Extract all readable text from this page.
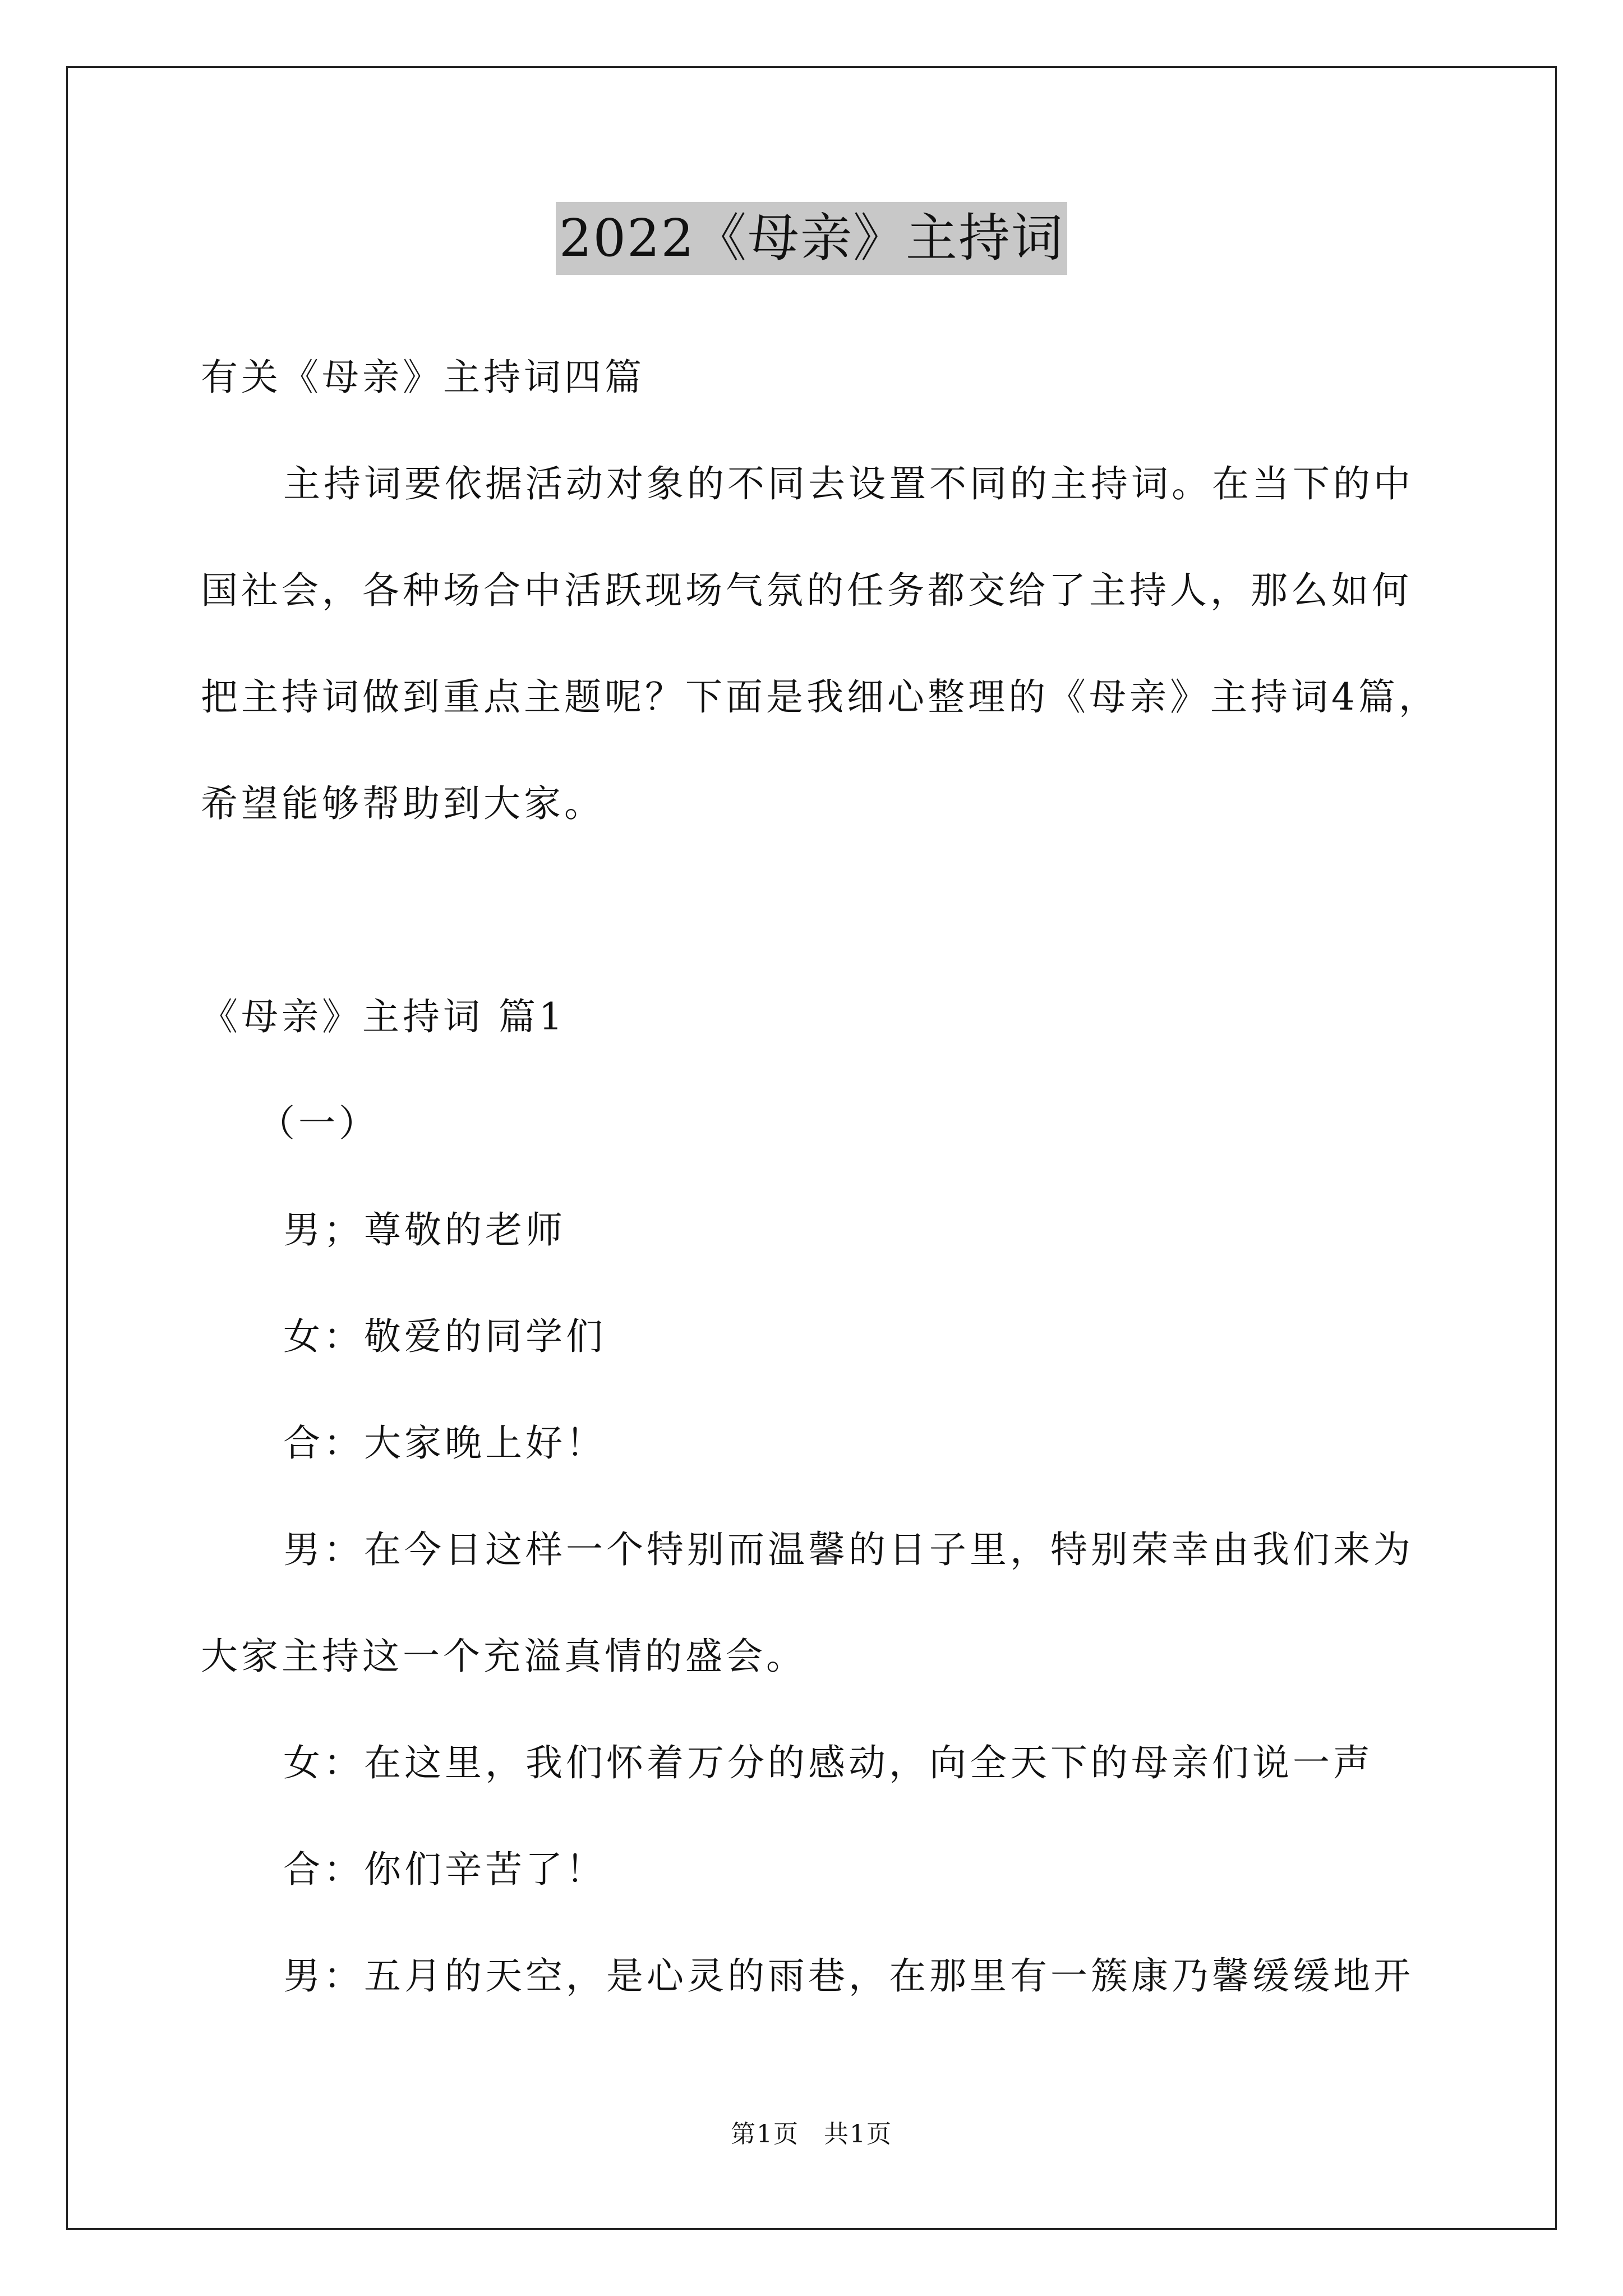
2022《母亲》主持词
有关《母亲》主持词四篇
主持词要依据活动对象的不同去设置不同的主持词。在当下的中
国社会，各种场合中活跃现场气氛的任务都交给了主持人，那么如何
把主持词做到重点主题呢？下面是我细心整理的《母亲》主持词4篇，
希望能够帮助到大家。
《母亲》主持词 篇1
（一）
男；尊敬的老师
女：敬爱的同学们
合：大家晚上好！
男：在今日这样一个特别而温馨的日子里，特别荣幸由我们来为
大家主持这一个充溢真情的盛会。
女：在这里，我们怀着万分的感动，向全天下的母亲们说一声
合：你们辛苦了！
男：五月的天空，是心灵的雨巷，在那里有一簇康乃馨缓缓地开
第1页 共1页
